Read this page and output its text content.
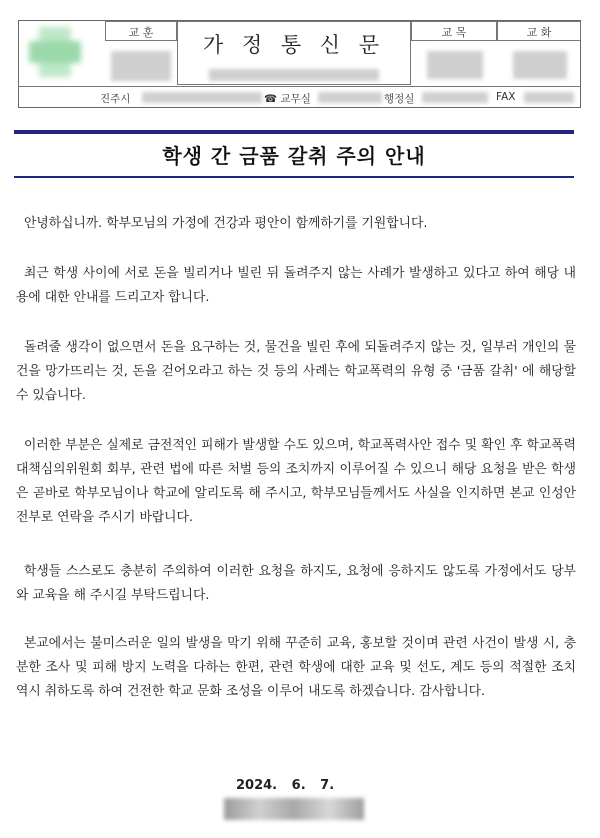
교 훈
가 정 통 신 문
교 목	교 화
진주시	☎ 교무실	행정실	FAX
학생 간 금품 갈취 주의 안내
안녕하십니까. 학부모님의 가정에 건강과 평안이 함께하기를 기원합니다.
최근 학생 사이에 서로 돈을 빌리거나 빌린 뒤 돌려주지 않는 사례가 발생하고 있다고 하여 해당 내용에 대한 안내를 드리고자 합니다.
돌려줄 생각이 없으면서 돈을 요구하는 것, 물건을 빌린 후에 되돌려주지 않는 것, 일부러 개인의 물건을 망가뜨리는 것, 돈을 걷어오라고 하는 것 등의 사례는 학교폭력의 유형 중 '금품 갈취' 에 해당할 수 있습니다.
이러한 부분은 실제로 금전적인 피해가 발생할 수도 있으며, 학교폭력사안 접수 및 확인 후 학교폭력대책심의위원회 회부, 관련 법에 따른 처벌 등의 조치까지 이루어질 수 있으니 해당 요청을 받은 학생은 곧바로 학부모님이나 학교에 알리도록 해 주시고, 학부모님들께서도 사실을 인지하면 본교 인성안전부로 연락을 주시기 바랍니다.
학생들 스스로도 충분히 주의하여 이러한 요청을 하지도, 요청에 응하지도 않도록 가정에서도 당부와 교육을 해 주시길 부탁드립니다.
본교에서는 불미스러운 일의 발생을 막기 위해 꾸준히 교육, 홍보할 것이며 관련 사건이 발생 시, 충분한 조사 및 피해 방지 노력을 다하는 한편, 관련 학생에 대한 교육 및 선도, 계도 등의 적절한 조치 역시 취하도록 하여 건전한 학교 문화 조성을 이루어 내도록 하겠습니다. 감사합니다.
2024. 6. 7.
